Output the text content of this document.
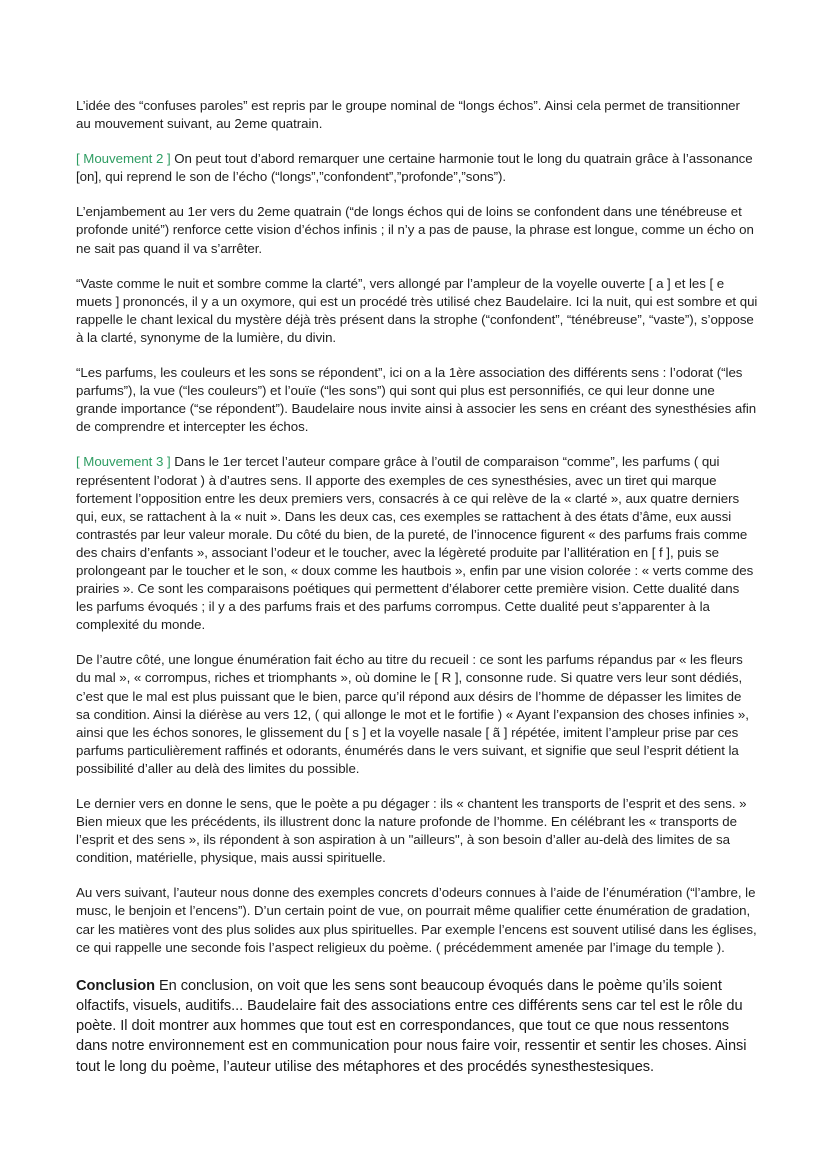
L’idée des “confuses paroles” est repris par le groupe nominal de “longs échos”. Ainsi cela permet de transitionner au mouvement suivant, au 2eme quatrain.

[ Mouvement 2 ] On peut tout d’abord remarquer une certaine harmonie tout le long du quatrain grâce à l’assonance [on], qui reprend le son de l’écho (“longs”,”confondent”,”profonde”,”sons”).

L’enjambement au 1er vers du 2eme quatrain (“de longs échos qui de loins se confondent dans une ténébreuse et profonde unité”) renforce cette vision d’échos infinis ; il n’y a pas de pause, la phrase est longue, comme un écho on ne sait pas quand il va s’arrêter.

“Vaste comme le nuit et sombre comme la clarté”, vers allongé par l’ampleur de la voyelle ouverte [ a ] et les [ e muets ] prononcés, il y a un oxymore, qui est un procédé très utilisé chez Baudelaire. Ici la nuit, qui est sombre et qui rappelle le chant lexical du mystère déjà très présent dans la strophe (“confondent”, “ténébreuse”, “vaste”), s’oppose à la clarté, synonyme de la lumière, du divin.

“Les parfums, les couleurs et les sons se répondent”, ici on a la 1ère association des différents sens : l’odorat (“les parfums”), la vue (“les couleurs”) et l’ouïe (“les sons”) qui sont qui plus est personnifiés, ce qui leur donne une grande importance (“se répondent”). Baudelaire nous invite ainsi à associer les sens en créant des synesthésies afin de comprendre et intercepter les échos.

[ Mouvement 3 ] Dans le 1er tercet l’auteur compare grâce à l’outil de comparaison “comme”, les parfums ( qui représentent l’odorat ) à d’autres sens. Il apporte des exemples de ces synesthésies, avec un tiret qui marque fortement l’opposition entre les deux premiers vers, consacrés à ce qui relève de la « clarté », aux quatre derniers qui, eux, se rattachent à la « nuit ». Dans les deux cas, ces exemples se rattachent à des états d’âme, eux aussi contrastés par leur valeur morale. Du côté du bien, de la pureté, de l’innocence figurent « des parfums frais comme des chairs d’enfants », associant l’odeur et le toucher, avec la légèreté produite par l’allitération en [ f ], puis se prolongeant par le toucher et le son, « doux comme les hautbois », enfin par une vision colorée : « verts comme des prairies ». Ce sont les comparaisons poétiques qui permettent d’élaborer cette première vision. Cette dualité dans les parfums évoqués ; il y a des parfums frais et des parfums corrompus. Cette dualité peut s’apparenter à la complexité du monde.

De l’autre côté, une longue énumération fait écho au titre du recueil : ce sont les parfums répandus par « les fleurs du mal », « corrompus, riches et triomphants », où domine le [ R ], consonne rude. Si quatre vers leur sont dédiés, c’est que le mal est plus puissant que le bien, parce qu’il répond aux désirs de l’homme de dépasser les limites de sa condition. Ainsi la diérèse au vers 12, ( qui allonge le mot et le fortifie ) « Ayant l’expansion des choses infinies », ainsi que les échos sonores, le glissement du [ s ] et la voyelle nasale [ ã ] répétée, imitent l’ampleur prise par ces parfums particulièrement raffinés et odorants, énumérés dans le vers suivant, et signifie que seul l’esprit détient la possibilité d’aller au delà des limites du possible.

Le dernier vers en donne le sens, que le poète a pu dégager : ils « chantent les transports de l’esprit et des sens. » Bien mieux que les précédents, ils illustrent donc la nature profonde de l’homme. En célébrant les « transports de l’esprit et des sens », ils répondent à son aspiration à un "ailleurs", à son besoin d’aller au-delà des limites de sa condition, matérielle, physique, mais aussi spirituelle.

Au vers suivant, l’auteur nous donne des exemples concrets d’odeurs connues à l’aide de l’énumération (“l’ambre, le musc, le benjoin et l’encens”). D’un certain point de vue, on pourrait même qualifier cette énumération de gradation, car les matières vont des plus solides aux plus spirituelles. Par exemple l’encens est souvent utilisé dans les églises, ce qui rappelle une seconde fois l’aspect religieux du poème. ( précédemment amenée par l’image du temple ).

Conclusion En conclusion, on voit que les sens sont beaucoup évoqués dans le poème qu’ils soient olfactifs, visuels, auditifs... Baudelaire fait des associations entre ces différents sens car tel est le rôle du poète. Il doit montrer aux hommes que tout est en correspondances, que tout ce que nous ressentons dans notre environnement est en communication pour nous faire voir, ressentir et sentir les choses. Ainsi tout le long du poème, l’auteur utilise des métaphores et des procédés synesthestesiques.
